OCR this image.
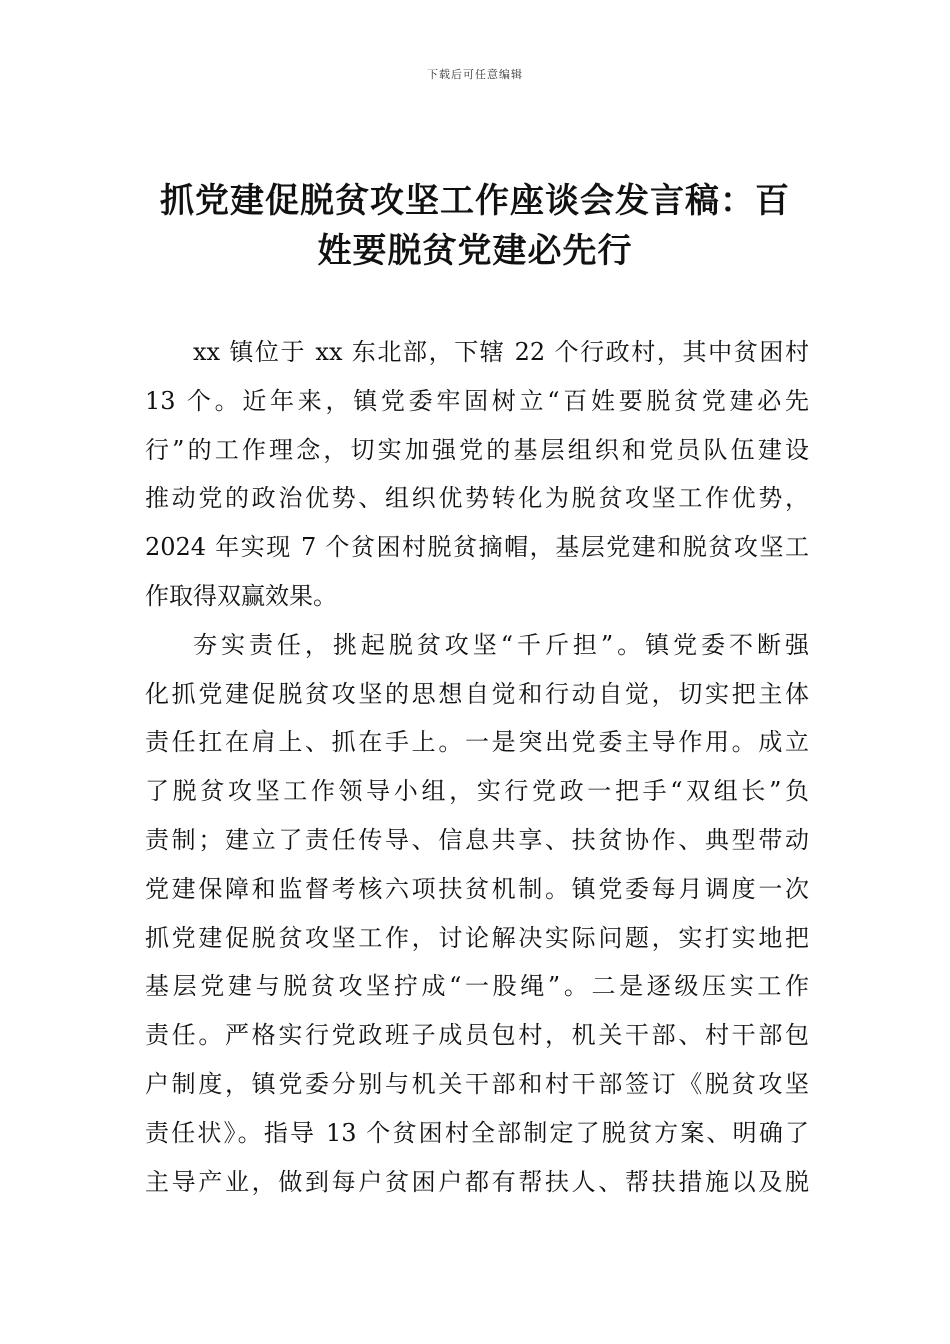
下载后可任意编辑
抓党建促脱贫攻坚工作座谈会发言稿：百
姓要脱贫党建必先行
xx 镇位于 xx 东北部，下辖 22 个行政村，其中贫困村
13 个。近年来，镇党委牢固树立“百姓要脱贫党建必先
行”的工作理念，切实加强党的基层组织和党员队伍建设
推动党的政治优势、组织优势转化为脱贫攻坚工作优势，
2024 年实现 7 个贫困村脱贫摘帽，基层党建和脱贫攻坚工
作取得双赢效果。
夯实责任，挑起脱贫攻坚“千斤担”。镇党委不断强
化抓党建促脱贫攻坚的思想自觉和行动自觉，切实把主体
责任扛在肩上、抓在手上。一是突出党委主导作用。成立
了脱贫攻坚工作领导小组，实行党政一把手“双组长”负
责制；建立了责任传导、信息共享、扶贫协作、典型带动
党建保障和监督考核六项扶贫机制。镇党委每月调度一次
抓党建促脱贫攻坚工作，讨论解决实际问题，实打实地把
基层党建与脱贫攻坚拧成“一股绳”。二是逐级压实工作
责任。严格实行党政班子成员包村，机关干部、村干部包
户制度，镇党委分别与机关干部和村干部签订《脱贫攻坚
责任状》。指导 13 个贫困村全部制定了脱贫方案、明确了
主导产业，做到每户贫困户都有帮扶人、帮扶措施以及脱
